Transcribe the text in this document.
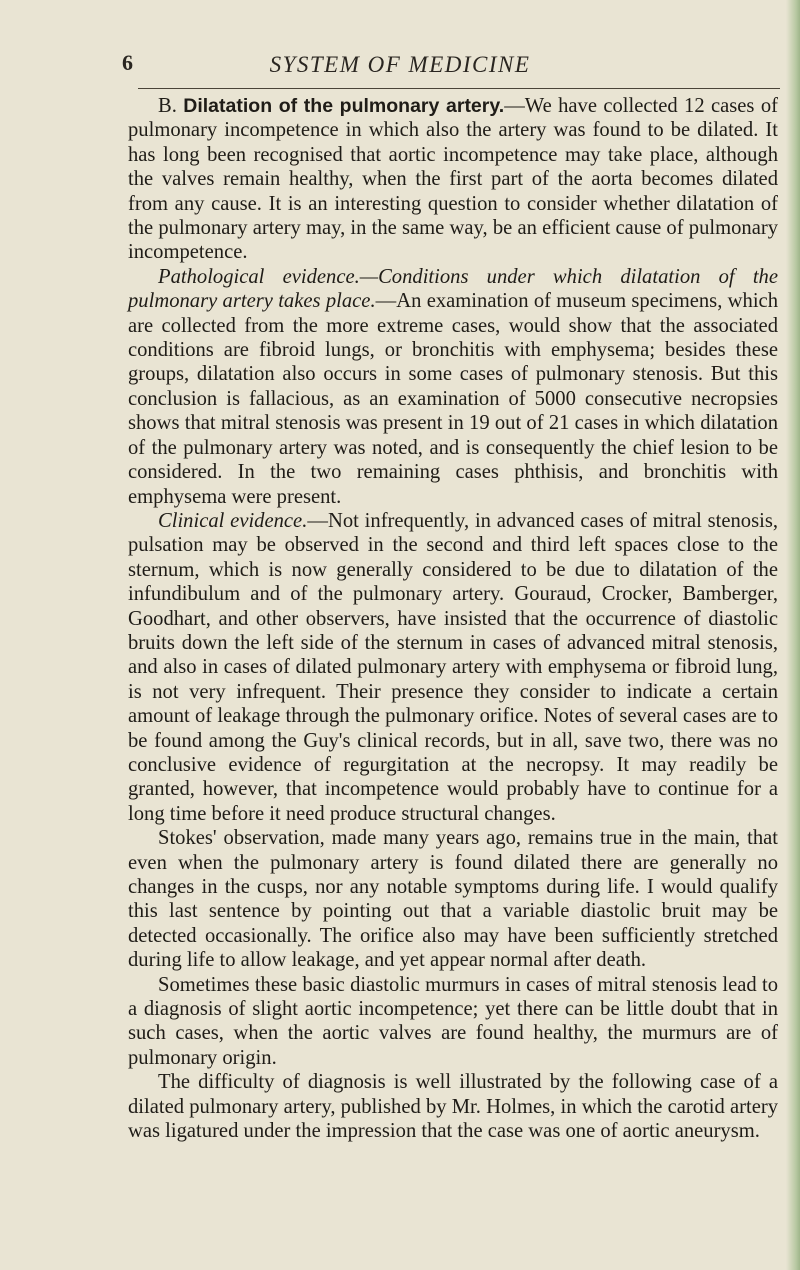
6	SYSTEM OF MEDICINE

B. Dilatation of the pulmonary artery.—We have collected 12 cases of pulmonary incompetence in which also the artery was found to be dilated. It has long been recognised that aortic incompetence may take place, although the valves remain healthy, when the first part of the aorta becomes dilated from any cause. It is an interesting question to consider whether dilatation of the pulmonary artery may, in the same way, be an efficient cause of pulmonary incompetence.

Pathological evidence.—Conditions under which dilatation of the pulmonary artery takes place.—An examination of museum specimens, which are collected from the more extreme cases, would show that the associated conditions are fibroid lungs, or bronchitis with emphysema; besides these groups, dilatation also occurs in some cases of pulmonary stenosis. But this conclusion is fallacious, as an examination of 5000 consecutive necropsies shows that mitral stenosis was present in 19 out of 21 cases in which dilatation of the pulmonary artery was noted, and is consequently the chief lesion to be considered. In the two remaining cases phthisis, and bronchitis with emphysema were present.

Clinical evidence.—Not infrequently, in advanced cases of mitral stenosis, pulsation may be observed in the second and third left spaces close to the sternum, which is now generally considered to be due to dilatation of the infundibulum and of the pulmonary artery. Gouraud, Crocker, Bamberger, Goodhart, and other observers, have insisted that the occurrence of diastolic bruits down the left side of the sternum in cases of advanced mitral stenosis, and also in cases of dilated pulmonary artery with emphysema or fibroid lung, is not very infrequent. Their presence they consider to indicate a certain amount of leakage through the pulmonary orifice. Notes of several cases are to be found among the Guy's clinical records, but in all, save two, there was no conclusive evidence of regurgitation at the necropsy. It may readily be granted, however, that incompetence would probably have to continue for a long time before it need produce structural changes.

Stokes' observation, made many years ago, remains true in the main, that even when the pulmonary artery is found dilated there are generally no changes in the cusps, nor any notable symptoms during life. I would qualify this last sentence by pointing out that a variable diastolic bruit may be detected occasionally. The orifice also may have been sufficiently stretched during life to allow leakage, and yet appear normal after death.

Sometimes these basic diastolic murmurs in cases of mitral stenosis lead to a diagnosis of slight aortic incompetence; yet there can be little doubt that in such cases, when the aortic valves are found healthy, the murmurs are of pulmonary origin.

The difficulty of diagnosis is well illustrated by the following case of a dilated pulmonary artery, published by Mr. Holmes, in which the carotid artery was ligatured under the impression that the case was one of aortic aneurysm.
